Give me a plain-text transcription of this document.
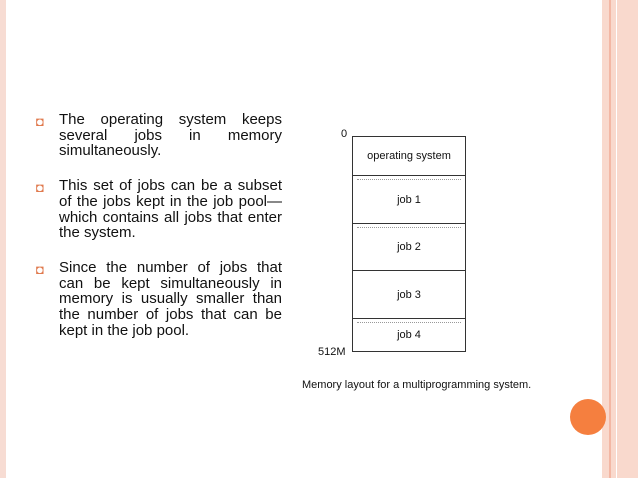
◘ The operating system keeps several jobs in memory simultaneously.
◘ This set of jobs can be a subset of the jobs kept in the job pool—which contains all jobs that enter the system.
◘ Since the number of jobs that can be kept simultaneously in memory is usually smaller than the number of jobs that can be kept in the job pool.
0
512M
operating system
job 1
job 2
job 3
job 4
Memory layout for a multiprogramming system.
